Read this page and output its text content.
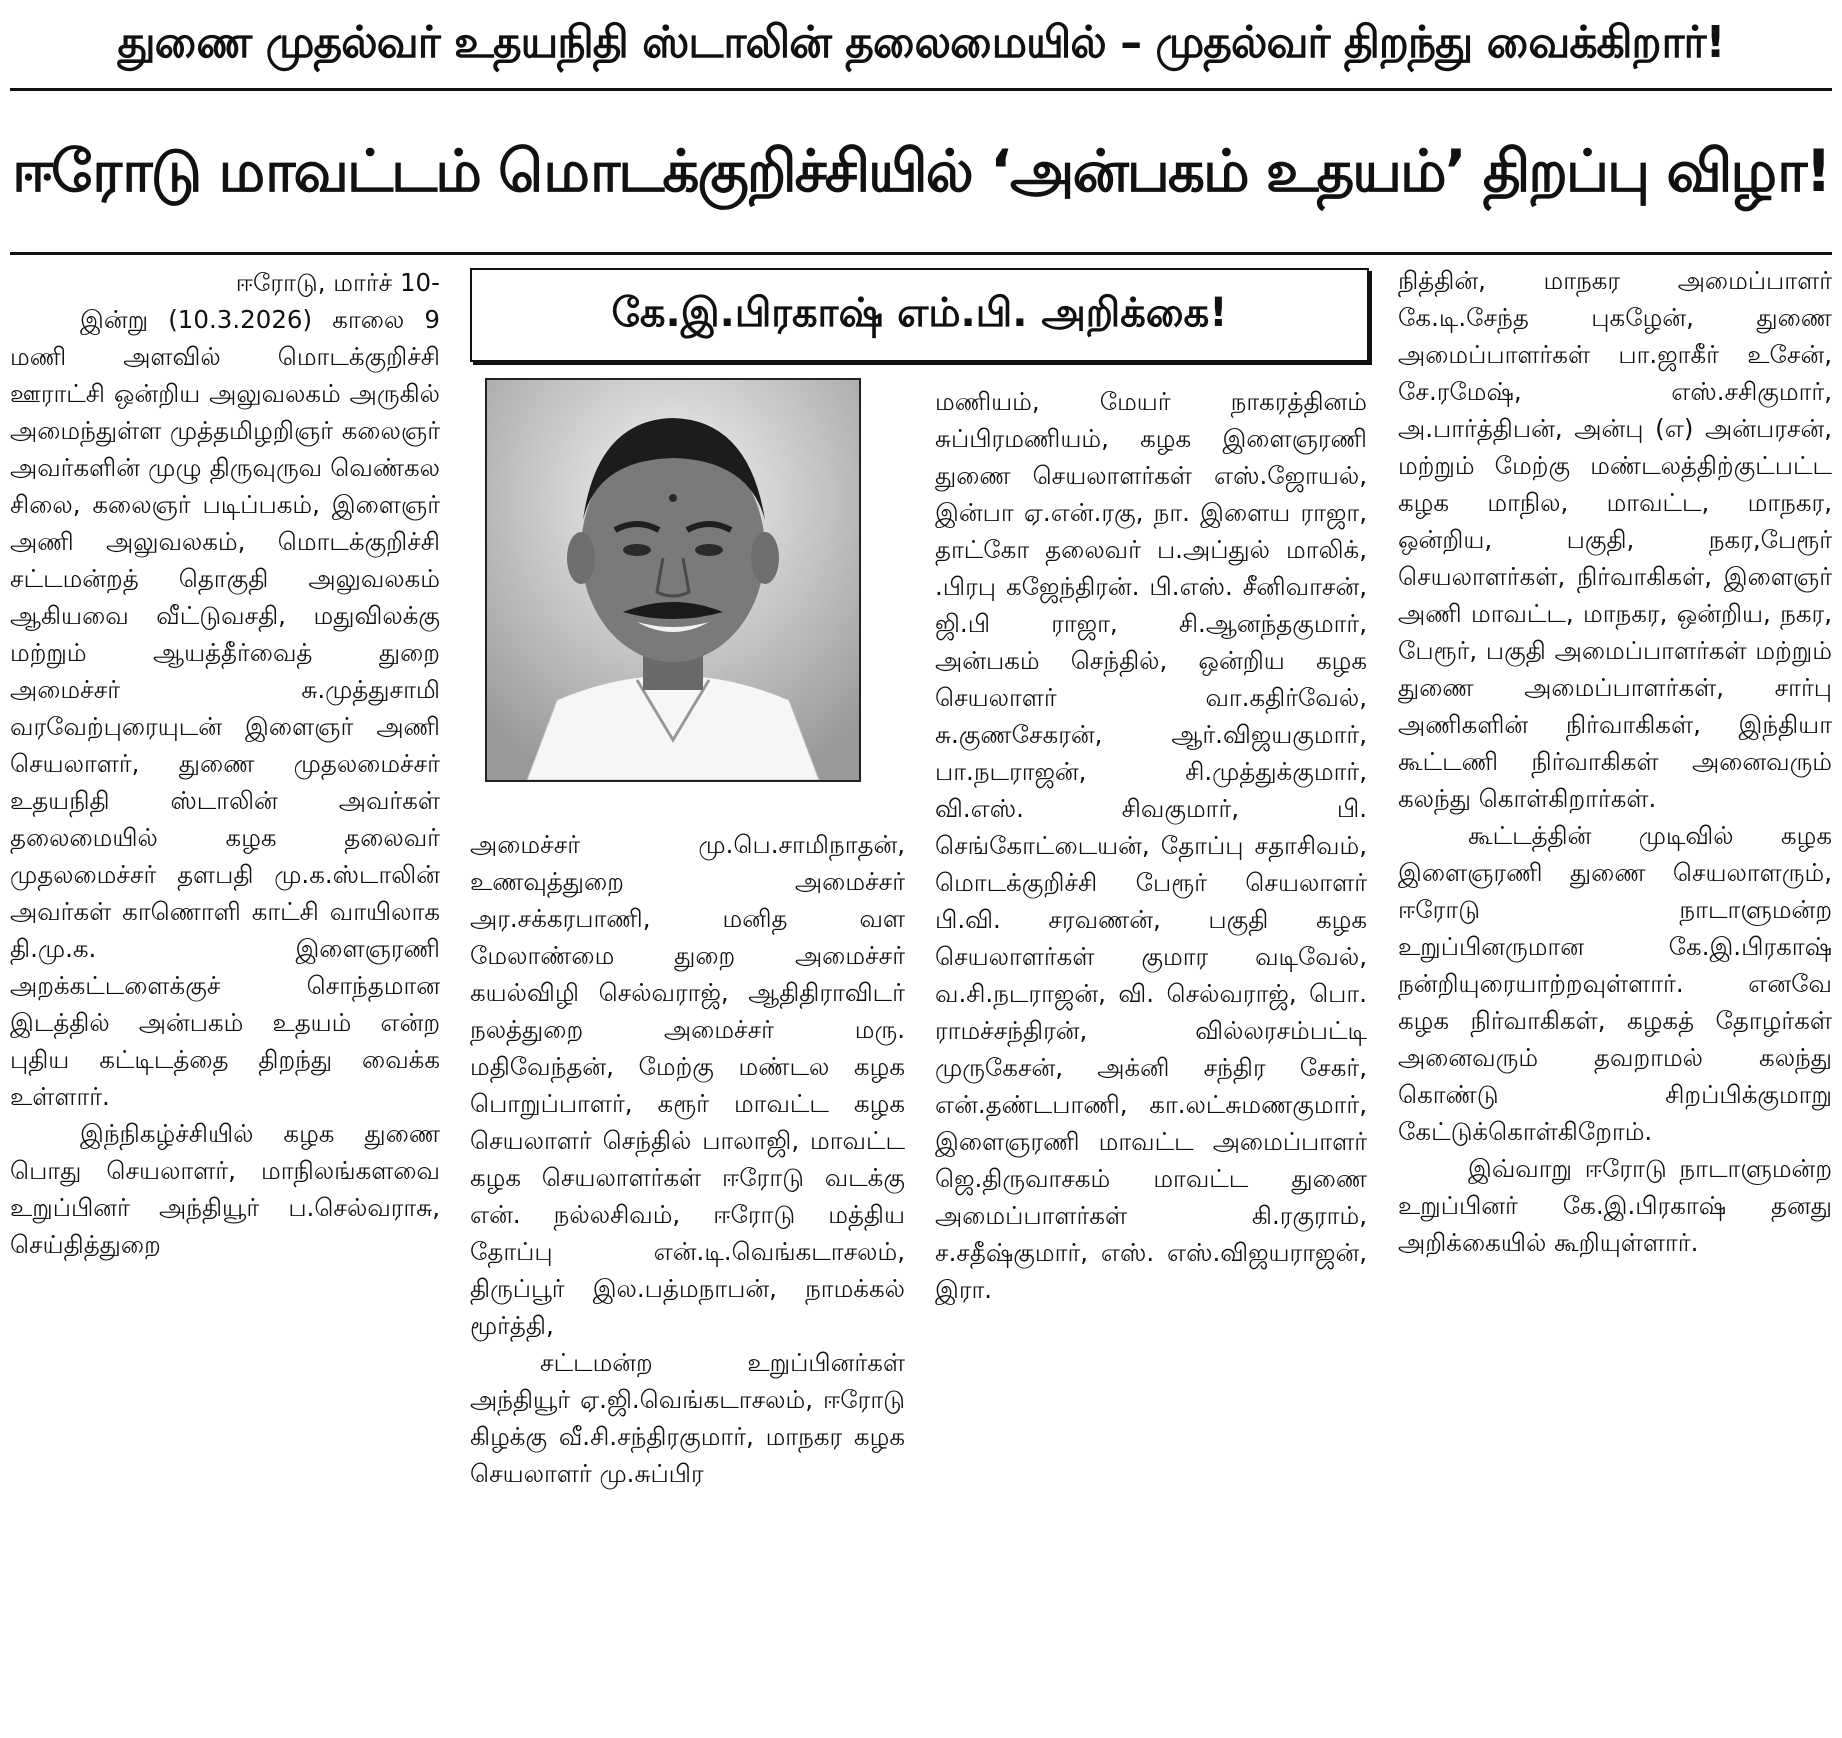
துணை முதல்வர் உதயநிதி ஸ்டாலின் தலைமையில் – முதல்வர் திறந்து வைக்கிறார்!
ஈரோடு மாவட்டம் மொடக்குறிச்சியில் ‘அன்பகம் உதயம்’ திறப்பு விழா!

ஈரோடு, மார்ச் 10-

இன்று (10.3.2026) காலை 9 மணி அளவில் மொடக்குறிச்சி ஊராட்சி ஒன்றிய அலுவலகம் அருகில் அமைந்துள்ள முத்தமிழறிஞர் கலைஞர் அவர்களின் முழு திருவுருவ வெண்கல சிலை, கலைஞர் படிப்பகம், இளைஞர் அணி அலுவலகம், மொடக்குறிச்சி சட்டமன்றத் தொகுதி அலுவலகம் ஆகியவை வீட்டுவசதி, மதுவிலக்கு மற்றும் ஆயத்தீர்வைத் துறை அமைச்சர் சு.முத்துசாமி வரவேற்புரையுடன் இளைஞர் அணி செயலாளர், துணை முதலமைச்சர் உதயநிதி ஸ்டாலின் அவர்கள் தலைமையில் கழக தலைவர் முதலமைச்சர் தளபதி மு.க.ஸ்டாலின் அவர்கள் காணொளி காட்சி வாயிலாக தி.மு.க. இளைஞரணி அறக்கட்டளைக்குச் சொந்தமான இடத்தில் அன்பகம் உதயம் என்ற புதிய கட்டிடத்தை திறந்து வைக்க உள்ளார்.

இந்நிகழ்ச்சியில் கழக துணை பொது செயலாளர், மாநிலங்களவை உறுப்பினர் அந்தியூர் ப.செல்வராசு, செய்தித்துறை

கே.இ.பிரகாஷ் எம்.பி. அறிக்கை!

அமைச்சர் மு.பெ.சாமிநாதன், உணவுத்துறை அமைச்சர் அர.சக்கரபாணி, மனித வள மேலாண்மை துறை அமைச்சர் கயல்விழி செல்வராஜ், ஆதிதிராவிடர் நலத்துறை அமைச்சர் மரு. மதிவேந்தன், மேற்கு மண்டல கழக பொறுப்பாளர், கரூர் மாவட்ட கழக செயலாளர் செந்தில் பாலாஜி, மாவட்ட கழக செயலாளர்கள் ஈரோடு வடக்கு என். நல்லசிவம், ஈரோடு மத்திய தோப்பு என்.டி.வெங்கடாசலம், திருப்பூர் இல.பத்மநாபன், நாமக்கல் மூர்த்தி,

சட்டமன்ற உறுப்பினர்கள் அந்தியூர் ஏ.ஜி.வெங்கடாசலம், ஈரோடு கிழக்கு வீ.சி.சந்திரகுமார், மாநகர கழக செயலாளர் மு.சுப்பிர

மணியம், மேயர் நாகரத்தினம் சுப்பிரமணியம், கழக இளைஞரணி துணை செயலாளர்கள் எஸ்.ஜோயல், இன்பா ஏ.என்.ரகு, நா. இளைய ராஜா, தாட்கோ தலைவர் ப.அப்துல் மாலிக், .பிரபு கஜேந்திரன். பி.எஸ். சீனிவாசன், ஜி.பி ராஜா, சி.ஆனந்தகுமார், அன்பகம் செந்தில், ஒன்றிய கழக செயலாளர் வா.கதிர்வேல், சு.குணசேகரன், ஆர்.விஜயகுமார், பா.நடராஜன், சி.முத்துக்குமார், வி.எஸ். சிவகுமார், பி. செங்கோட்டையன், தோப்பு சதாசிவம், மொடக்குறிச்சி பேரூர் செயலாளர் பி.வி. சரவணன், பகுதி கழக செயலாளர்கள் குமார வடிவேல், வ.சி.நடராஜன், வி. செல்வராஜ், பொ. ராமச்சந்திரன், வில்லரசம்பட்டி முருகேசன், அக்னி சந்திர சேகர், என்.தண்டபாணி, கா.லட்சுமணகுமார், இளைஞரணி மாவட்ட அமைப்பாளர் ஜெ.திருவாசகம் மாவட்ட துணை அமைப்பாளர்கள் கி.ரகுராம், ச.சதீஷ்குமார், எஸ். எஸ்.விஜயராஜன், இரா.

நித்தின், மாநகர அமைப்பாளர் கே.டி.சேந்த புகழேன், துணை அமைப்பாளர்கள் பா.ஜாகீர் உசேன், சே.ரமேஷ், எஸ்.சசிகுமார், அ.பார்த்திபன், அன்பு (எ) அன்பரசன், மற்றும் மேற்கு மண்டலத்திற்குட்பட்ட கழக மாநில, மாவட்ட, மாநகர, ஒன்றிய, பகுதி, நகர,பேரூர் செயலாளர்கள், நிர்வாகிகள், இளைஞர் அணி மாவட்ட, மாநகர, ஒன்றிய, நகர, பேரூர், பகுதி அமைப்பாளர்கள் மற்றும் துணை அமைப்பாளர்கள், சார்பு அணிகளின் நிர்வாகிகள், இந்தியா கூட்டணி நிர்வாகிகள் அனைவரும் கலந்து கொள்கிறார்கள்.

கூட்டத்தின் முடிவில் கழக இளைஞரணி துணை செயலாளரும், ஈரோடு நாடாளுமன்ற உறுப்பினருமான கே.இ.பிரகாஷ் நன்றியுரையாற்றவுள்ளார். எனவே கழக நிர்வாகிகள், கழகத் தோழர்கள் அனைவரும் தவறாமல் கலந்து கொண்டு சிறப்பிக்குமாறு கேட்டுக்கொள்கிறோம்.

இவ்வாறு ஈரோடு நாடாளுமன்ற உறுப்பினர் கே.இ.பிரகாஷ் தனது அறிக்கையில் கூறியுள்ளார்.
